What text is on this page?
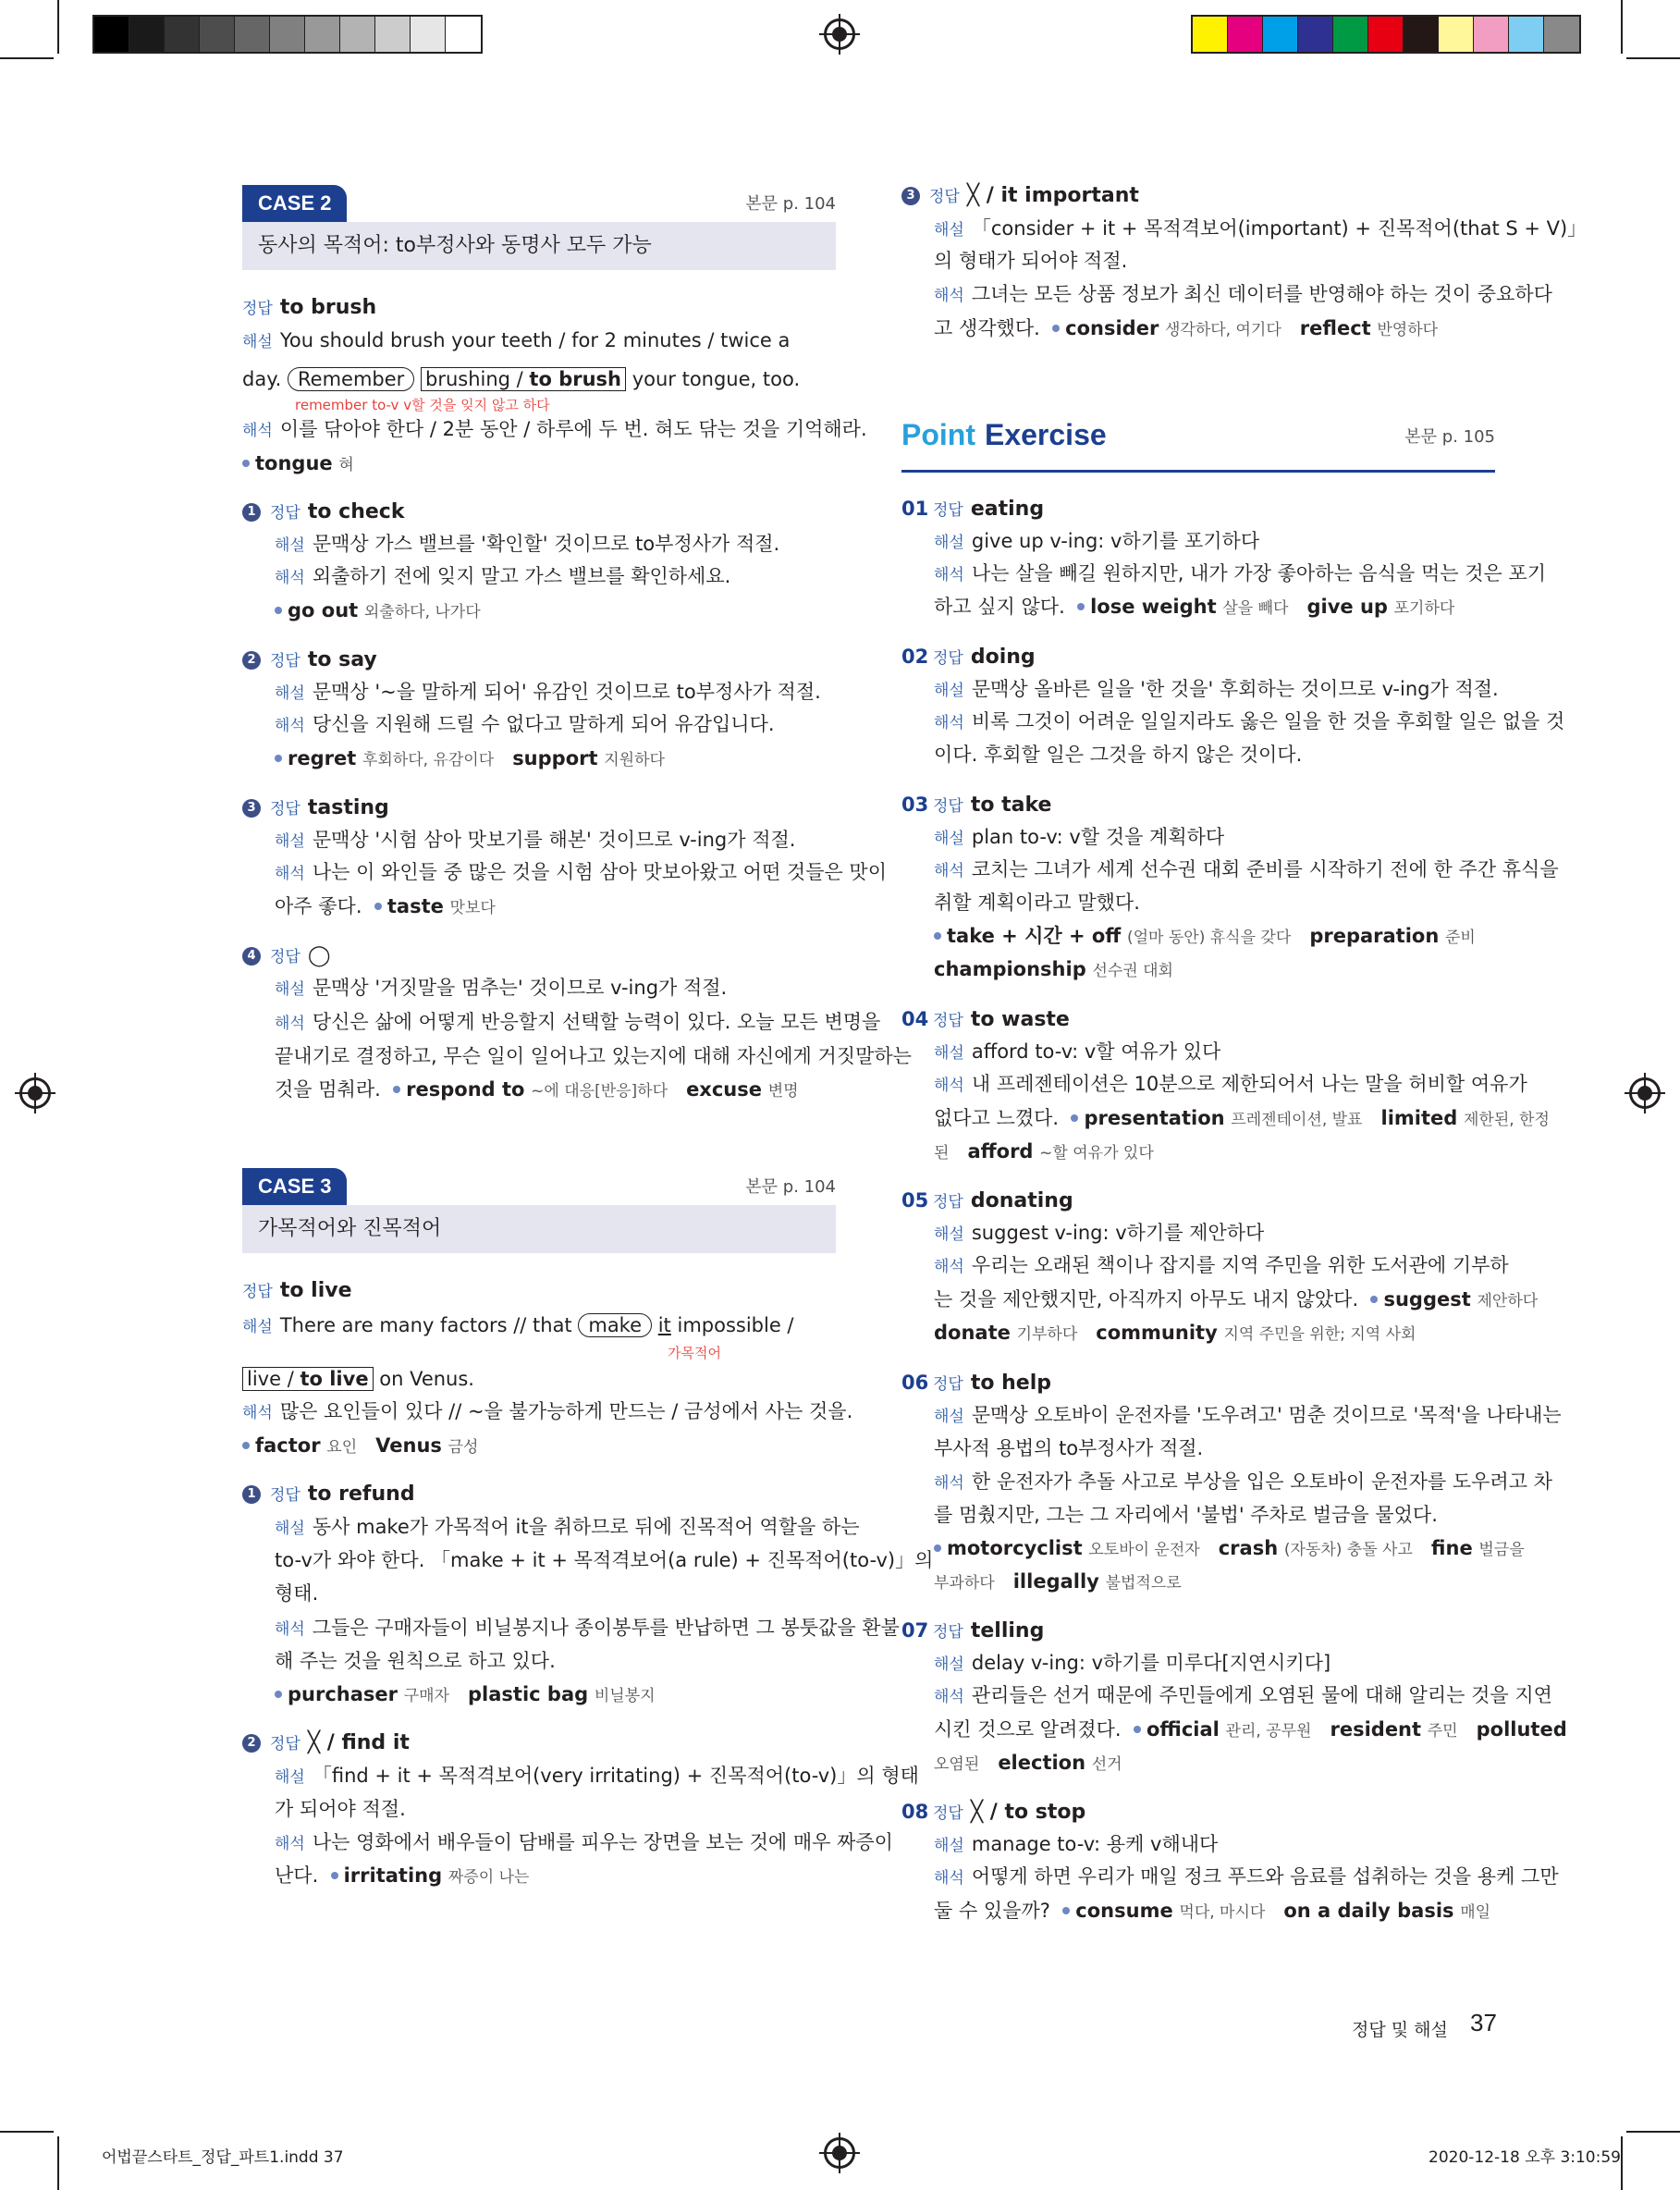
CASE 2	본문 p. 104
동사의 목적어: to부정사와 동명사 모두 가능
정답 to brush
해설 You should brush your teeth / for 2 minutes / twice a
day. Remember brushing / to brush your tongue, too.
remember to-v v할 것을 잊지 않고 하다
해석 이를 닦아야 한다 / 2분 동안 / 하루에 두 번. 혀도 닦는 것을 기억해라.
tongue 혀
1 정답 to check
해설 문맥상 가스 밸브를 '확인할' 것이므로 to부정사가 적절.
해석 외출하기 전에 잊지 말고 가스 밸브를 확인하세요.
go out 외출하다, 나가다
2 정답 to say
해설 문맥상 '~을 말하게 되어' 유감인 것이므로 to부정사가 적절.
해석 당신을 지원해 드릴 수 없다고 말하게 되어 유감입니다.
regret 후회하다, 유감이다 support 지원하다
3 정답 tasting
해설 문맥상 '시험 삼아 맛보기를 해본' 것이므로 v-ing가 적절.
해석 나는 이 와인들 중 많은 것을 시험 삼아 맛보아왔고 어떤 것들은 맛이
아주 좋다. taste 맛보다
4 정답 ◯
해설 문맥상 '거짓말을 멈추는' 것이므로 v-ing가 적절.
해석 당신은 삶에 어떻게 반응할지 선택할 능력이 있다. 오늘 모든 변명을
끝내기로 결정하고, 무슨 일이 일어나고 있는지에 대해 자신에게 거짓말하는
것을 멈춰라. respond to ~에 대응[반응]하다 excuse 변명
CASE 3	본문 p. 104
가목적어와 진목적어
정답 to live
해설 There are many factors // that make it impossible /
가목적어
live / to live on Venus.
해석 많은 요인들이 있다 // ~을 불가능하게 만드는 / 금성에서 사는 것을.
factor 요인 Venus 금성
1 정답 to refund
해설 동사 make가 가목적어 it을 취하므로 뒤에 진목적어 역할을 하는
to-v가 와야 한다. 「make + it + 목적격보어(a rule) + 진목적어(to-v)」의
형태.
해석 그들은 구매자들이 비닐봉지나 종이봉투를 반납하면 그 봉툿값을 환불
해 주는 것을 원칙으로 하고 있다.
purchaser 구매자 plastic bag 비닐봉지
2 정답 ╳ / find it
해설 「find + it + 목적격보어(very irritating) + 진목적어(to-v)」의 형태
가 되어야 적절.
해석 나는 영화에서 배우들이 담배를 피우는 장면을 보는 것에 매우 짜증이
난다. irritating 짜증이 나는
3 정답 ╳ / it important
해설 「consider + it + 목적격보어(important) + 진목적어(that S + V)」
의 형태가 되어야 적절.
해석 그녀는 모든 상품 정보가 최신 데이터를 반영해야 하는 것이 중요하다
고 생각했다. consider 생각하다, 여기다 reflect 반영하다
Point Exercise	본문 p. 105
01 정답 eating
해설 give up v-ing: v하기를 포기하다
해석 나는 살을 빼길 원하지만, 내가 가장 좋아하는 음식을 먹는 것은 포기
하고 싶지 않다. lose weight 살을 빼다 give up 포기하다
02 정답 doing
해설 문맥상 올바른 일을 '한 것을' 후회하는 것이므로 v-ing가 적절.
해석 비록 그것이 어려운 일일지라도 옳은 일을 한 것을 후회할 일은 없을 것
이다. 후회할 일은 그것을 하지 않은 것이다.
03 정답 to take
해설 plan to-v: v할 것을 계획하다
해석 코치는 그녀가 세계 선수권 대회 준비를 시작하기 전에 한 주간 휴식을
취할 계획이라고 말했다.
take + 시간 + off (얼마 동안) 휴식을 갖다 preparation 준비
championship 선수권 대회
04 정답 to waste
해설 afford to-v: v할 여유가 있다
해석 내 프레젠테이션은 10분으로 제한되어서 나는 말을 허비할 여유가
없다고 느꼈다. presentation 프레젠테이션, 발표 limited 제한된, 한정
된 afford ~할 여유가 있다
05 정답 donating
해설 suggest v-ing: v하기를 제안하다
해석 우리는 오래된 책이나 잡지를 지역 주민을 위한 도서관에 기부하
는 것을 제안했지만, 아직까지 아무도 내지 않았다. suggest 제안하다
donate 기부하다 community 지역 주민을 위한; 지역 사회
06 정답 to help
해설 문맥상 오토바이 운전자를 '도우려고' 멈춘 것이므로 '목적'을 나타내는
부사적 용법의 to부정사가 적절.
해석 한 운전자가 추돌 사고로 부상을 입은 오토바이 운전자를 도우려고 차
를 멈췄지만, 그는 그 자리에서 '불법' 주차로 벌금을 물었다.
motorcyclist 오토바이 운전자 crash (자동차) 충돌 사고 fine 벌금을
부과하다 illegally 불법적으로
07 정답 telling
해설 delay v-ing: v하기를 미루다[지연시키다]
해석 관리들은 선거 때문에 주민들에게 오염된 물에 대해 알리는 것을 지연
시킨 것으로 알려졌다. official 관리, 공무원 resident 주민 polluted
오염된 election 선거
08 정답 ╳ / to stop
해설 manage to-v: 용케 v해내다
해석 어떻게 하면 우리가 매일 정크 푸드와 음료를 섭취하는 것을 용케 그만
둘 수 있을까? consume 먹다, 마시다 on a daily basis 매일
정답 및 해설 37
어법끝스타트_정답_파트1.indd 37	2020-12-18 오후 3:10:59
